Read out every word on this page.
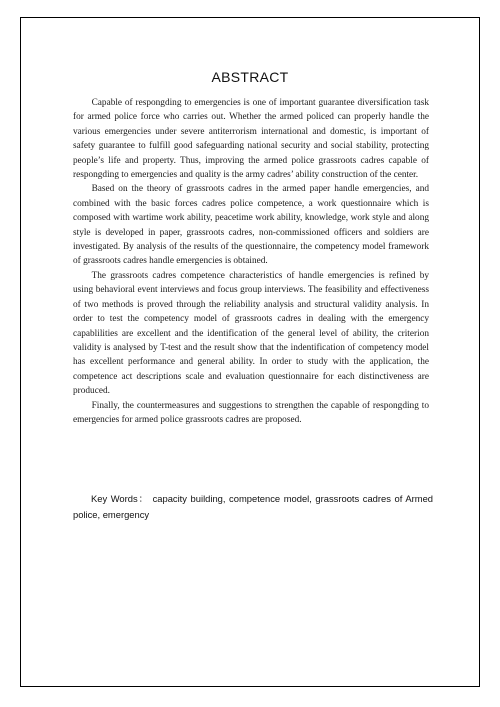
ABSTRACT

Capable of respongding to emergencies is one of important guarantee diversification task for armed police force who carries out. Whether the armed policed can properly handle the various emergencies under severe antiterrorism international and domestic, is important of safety guarantee to fulfill good safeguarding national security and social stability, protecting people’s life and property. Thus, improving the armed police grassroots cadres capable of respongding to emergencies and quality is the army cadres’ ability construction of the center.

Based on the theory of grassroots cadres in the armed paper handle emergencies, and combined with the basic forces cadres police competence, a work questionnaire which is composed with wartime work ability, peacetime work ability, knowledge, work style and along style is developed in paper, grassroots cadres, non-commissioned officers and soldiers are investigated. By analysis of the results of the questionnaire, the competency model framework of grassroots cadres handle emergencies is obtained.

The grassroots cadres competence characteristics of handle emergencies is refined by using behavioral event interviews and focus group interviews. The feasibility and effectiveness of two methods is proved through the reliability analysis and structural validity analysis. In order to test the competency model of grassroots cadres in dealing with the emergency capablilities are excellent and the identification of the general level of ability, the criterion validity is analysed by T-test and the result show that the indentification of competency model has excellent performance and general ability. In order to study with the application, the competence act descriptions scale and evaluation questionnaire for each distinctiveness are produced.

Finally, the countermeasures and suggestions to strengthen the capable of respongding to emergencies for armed police grassroots cadres are proposed.

Key Words： capacity building, competence model, grassroots cadres of Armed police, emergency
